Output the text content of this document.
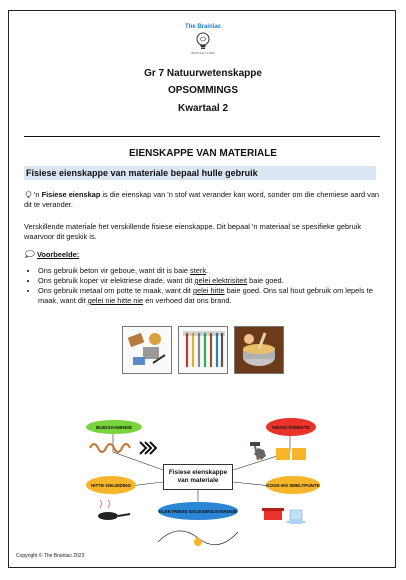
The Brainiac
BRAINIAC STEM
Gr 7 Natuurwetenskappe
OPSOMMINGS
Kwartaal 2
EIENSKAPPE VAN MATERIALE
Fisiese eienskappe van materiale bepaal hulle gebruik
'n Fisiese eienskap is die eienskap van 'n stof wat verander kan word, sonder om die chemiese aard van dit te verander.
Verskillende materiale het verskillende fisiese eienskappe. Dit bepaal 'n materiaal se spesifieke gebruik waarvoor dit geskik is.
Voorbeelde:
• Ons gebruik beton vir geboue, want dit is baie sterk.
• Ons gebruik koper vir elektriese drade, want dit gelei elektrisiteit baie goed.
• Ons gebruik metaal om potte te maak, want dit gelei hitte baie goed. Ons sal hout gebruik om lepels te maak, want dit gelei nie hitte nie en verhoed dat ons brand.
BUIGSAAMHEID	KRAG/ STERKTE
HITTE-GELEIDING	KOOK-EN SMELTPUNTE
ELEKTRIESE GELEIDINGSVERMOË
Fisiese eienskappe van materiale
Copyright © The Brainiac 2023
